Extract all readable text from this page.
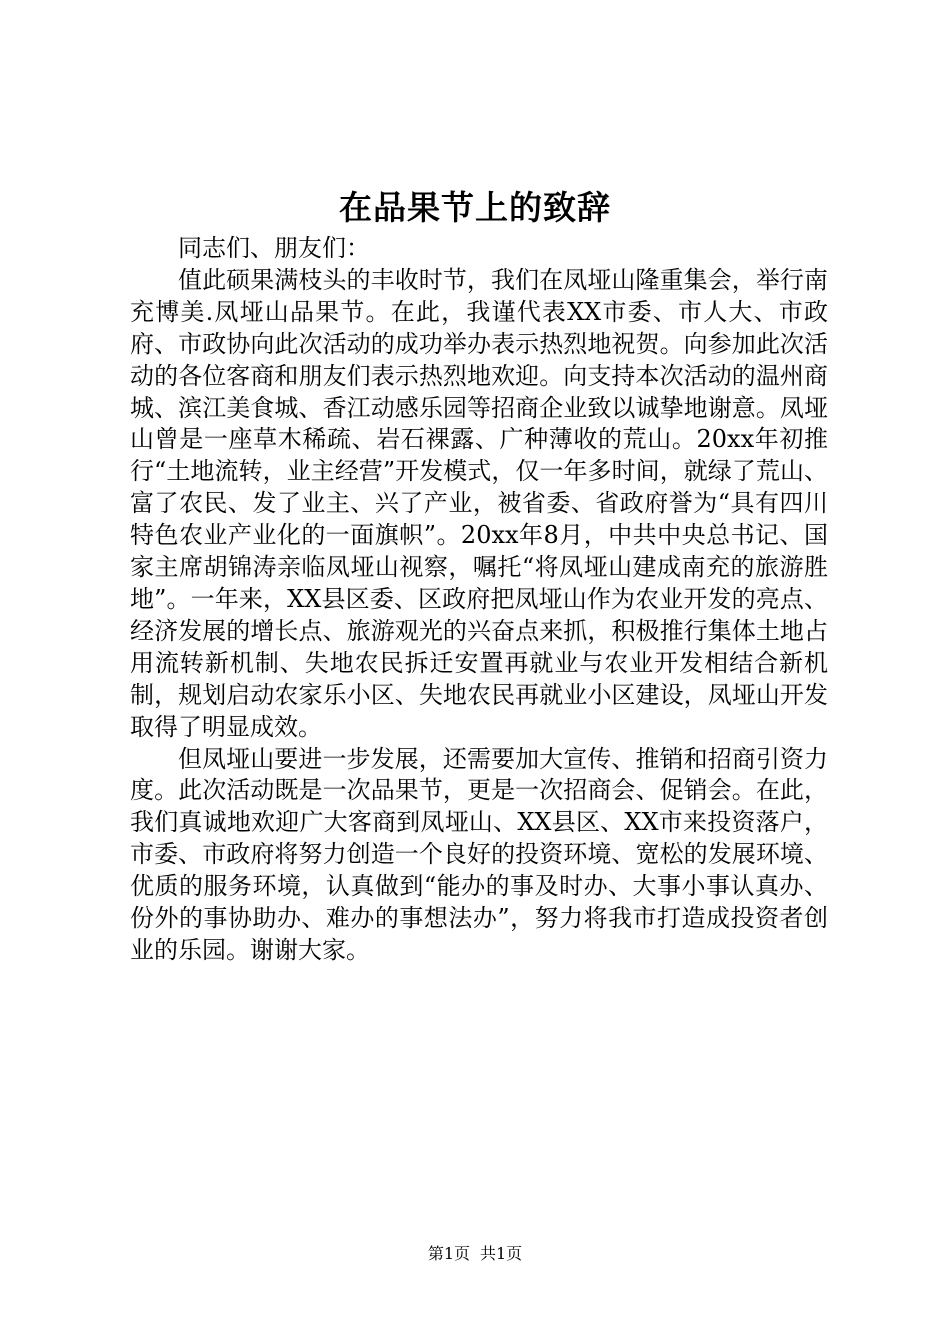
在品果节上的致辞

同志们、朋友们：

值此硕果满枝头的丰收时节，我们在凤垭山隆重集会，举行南充博美.凤垭山品果节。在此，我谨代表XX市委、市人大、市政府、市政协向此次活动的成功举办表示热烈地祝贺。向参加此次活动的各位客商和朋友们表示热烈地欢迎。向支持本次活动的温州商城、滨江美食城、香江动感乐园等招商企业致以诚挚地谢意。凤垭山曾是一座草木稀疏、岩石裸露、广种薄收的荒山。20xx年初推行“土地流转，业主经营”开发模式，仅一年多时间，就绿了荒山、富了农民、发了业主、兴了产业，被省委、省政府誉为“具有四川特色农业产业化的一面旗帜”。20xx年8月，中共中央总书记、国家主席胡锦涛亲临凤垭山视察，嘱托“将凤垭山建成南充的旅游胜地”。一年来，XX县区委、区政府把凤垭山作为农业开发的亮点、经济发展的增长点、旅游观光的兴奋点来抓，积极推行集体土地占用流转新机制、失地农民拆迁安置再就业与农业开发相结合新机制，规划启动农家乐小区、失地农民再就业小区建设，凤垭山开发取得了明显成效。

但凤垭山要进一步发展，还需要加大宣传、推销和招商引资力度。此次活动既是一次品果节，更是一次招商会、促销会。在此，我们真诚地欢迎广大客商到凤垭山、XX县区、XX市来投资落户，市委、市政府将努力创造一个良好的投资环境、宽松的发展环境、优质的服务环境，认真做到“能办的事及时办、大事小事认真办、份外的事协助办、难办的事想法办”，努力将我市打造成投资者创业的乐园。谢谢大家。

第1页 共1页
